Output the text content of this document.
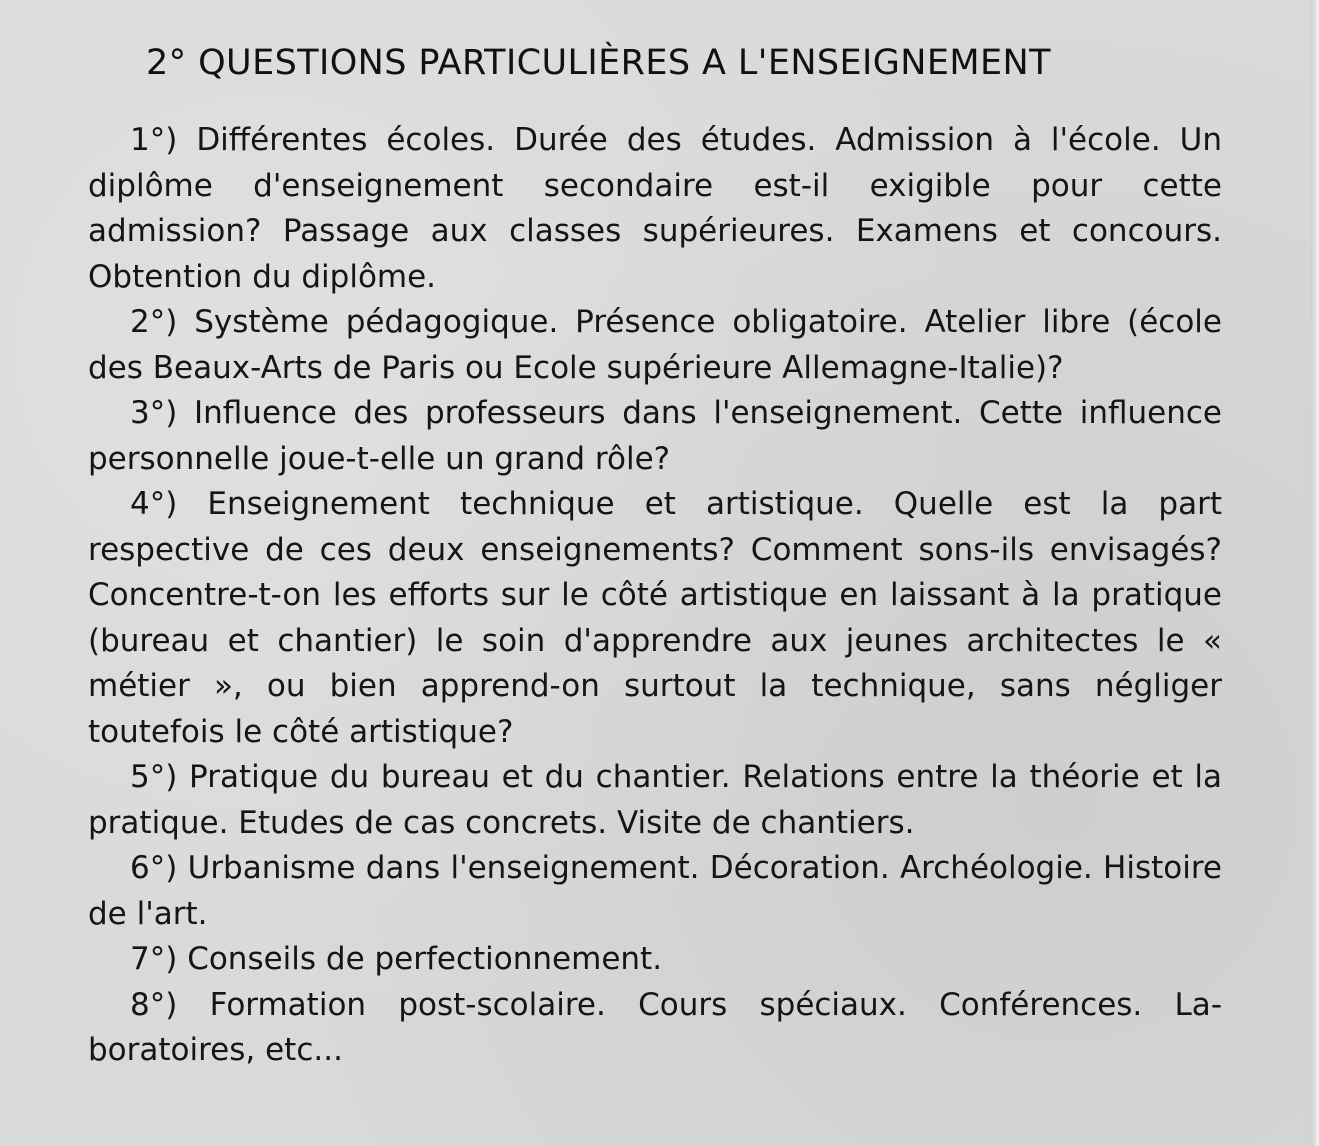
2° QUESTIONS PARTICULIÈRES A L'ENSEIGNEMENT

1°) Différentes écoles. Durée des études. Admission à l'école. Un diplôme d'enseignement secondaire est-il exigible pour cette admission? Passage aux classes supérieures. Examens et concours. Obtention du diplôme.

2°) Système pédagogique. Présence obligatoire. Atelier libre (école des Beaux-Arts de Paris ou Ecole supérieure Allemagne-Italie)?

3°) Influence des professeurs dans l'enseignement. Cette influence personnelle joue-t-elle un grand rôle?

4°) Enseignement technique et artistique. Quelle est la part respective de ces deux enseignements? Comment sons-ils envisagés? Concentre-t-on les efforts sur le côté artistique en laissant à la pratique (bureau et chantier) le soin d'apprendre aux jeunes architectes le « métier », ou bien apprend-on surtout la technique, sans négliger toutefois le côté artistique?

5°) Pratique du bureau et du chantier. Relations entre la théorie et la pratique. Etudes de cas concrets. Visite de chantiers.

6°) Urbanisme dans l'enseignement. Décoration. Archéologie. Histoire de l'art.

7°) Conseils de perfectionnement.

8°) Formation post-scolaire. Cours spéciaux. Conférences. Laboratoires, etc...
